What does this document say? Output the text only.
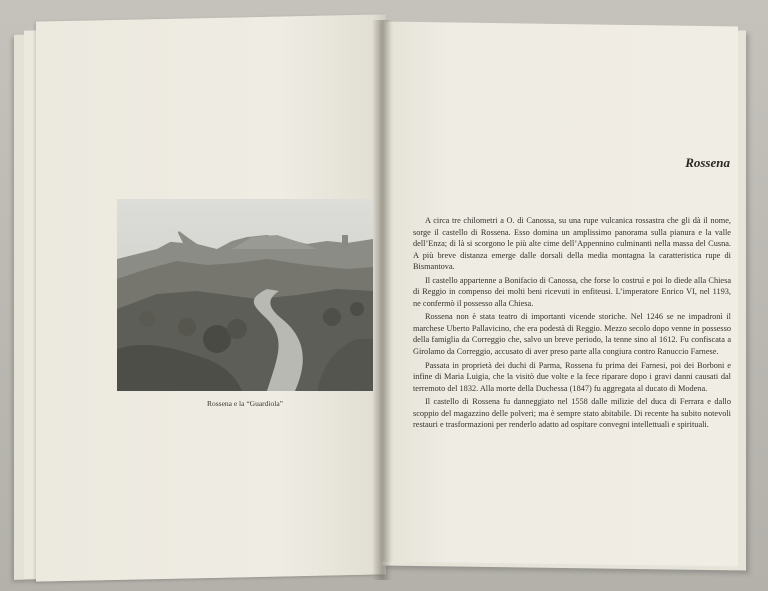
Rossena e la “Guardiola”
Rossena

A circa tre chilometri a O. di Canossa, su una rupe vulcanica rossastra che gli dà il nome, sorge il castello di Rossena. Esso domina un amplissimo panorama sulla pianura e la valle dell’Enza; di là si scorgono le più alte cime dell’Appennino culminanti nella massa del Cusna. A più breve distanza emerge dalle dorsali della media montagna la caratteristica rupe di Bismantova.

Il castello appartenne a Bonifacio di Canossa, che forse lo costruì e poi lo diede alla Chiesa di Reggio in compenso dei molti beni ricevuti in enfiteusi. L’imperatore Enrico VI, nel 1193, ne confermò il possesso alla Chiesa.

Rossena non è stata teatro di importanti vicende storiche. Nel 1246 se ne impadronì il marchese Uberto Pallavicino, che era podestà di Reggio. Mezzo secolo dopo venne in possesso della famiglia da Correggio che, salvo un breve periodo, la tenne sino al 1612. Fu confiscata a Girolamo da Correggio, accusato di aver preso parte alla congiura contro Ranuccio Farnese.

Passata in proprietà dei duchi di Parma, Rossena fu prima dei Farnesi, poi dei Borboni e infine di Maria Luigia, che la visitò due volte e la fece riparare dopo i gravi danni causati dal terremoto del 1832. Alla morte della Duchessa (1847) fu aggregata al ducato di Modena.

Il castello di Rossena fu danneggiato nel 1558 dalle milizie del duca di Ferrara e dallo scoppio del magazzino delle polveri; ma è sempre stato abitabile. Di recente ha subito notevoli restauri e trasformazioni per renderlo adatto ad ospitare convegni intellettuali e spirituali.
